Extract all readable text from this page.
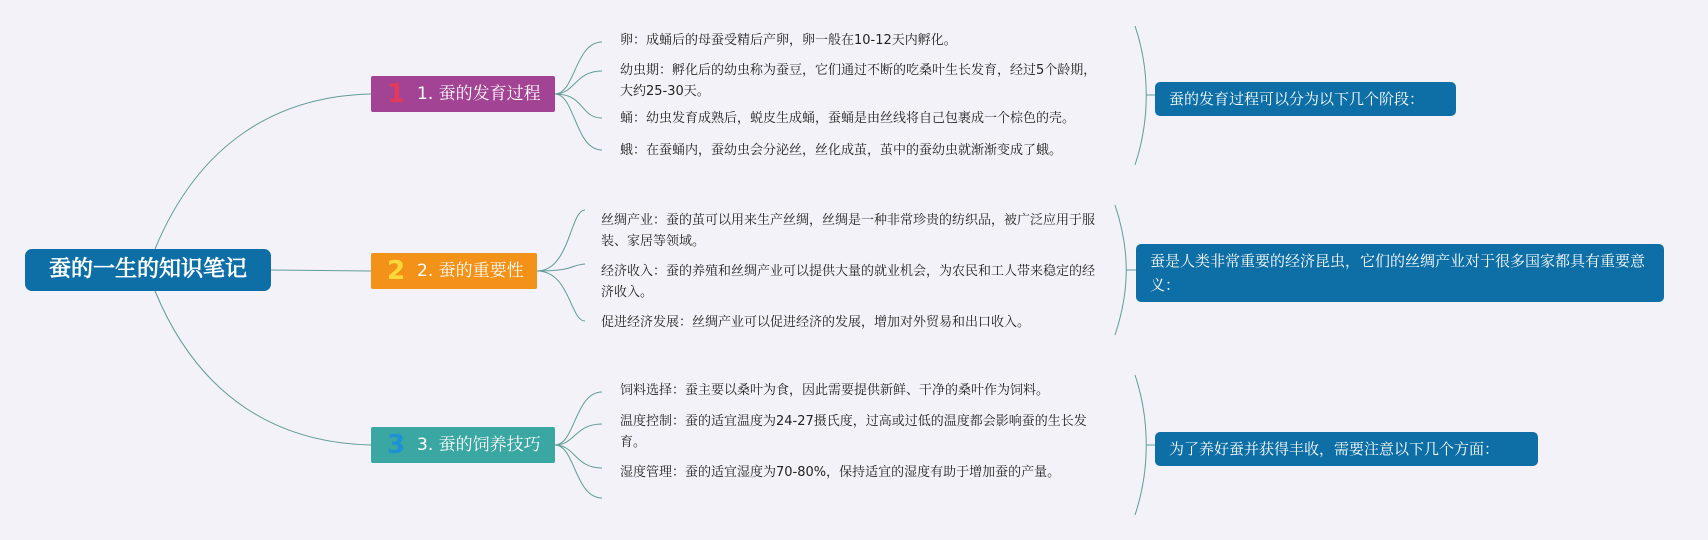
蚕的一生的知识笔记
1 1. 蚕的发育过程
卵：成蛹后的母蚕受精后产卵，卵一般在10-12天内孵化。
幼虫期：孵化后的幼虫称为蚕豆，它们通过不断的吃桑叶生长发育，经过5个龄期，大约25-30天。
蛹：幼虫发育成熟后，蜕皮生成蛹，蚕蛹是由丝线将自己包裹成一个棕色的壳。
蛾：在蚕蛹内，蚕幼虫会分泌丝，丝化成茧，茧中的蚕幼虫就渐渐变成了蛾。
蚕的发育过程可以分为以下几个阶段：
2 2. 蚕的重要性
丝绸产业：蚕的茧可以用来生产丝绸，丝绸是一种非常珍贵的纺织品，被广泛应用于服装、家居等领域。
经济收入：蚕的养殖和丝绸产业可以提供大量的就业机会，为农民和工人带来稳定的经济收入。
促进经济发展：丝绸产业可以促进经济的发展，增加对外贸易和出口收入。
蚕是人类非常重要的经济昆虫，它们的丝绸产业对于很多国家都具有重要意义：
3 3. 蚕的饲养技巧
饲料选择：蚕主要以桑叶为食，因此需要提供新鲜、干净的桑叶作为饲料。
温度控制：蚕的适宜温度为24-27摄氏度，过高或过低的温度都会影响蚕的生长发育。
湿度管理：蚕的适宜湿度为70-80%，保持适宜的湿度有助于增加蚕的产量。
为了养好蚕并获得丰收，需要注意以下几个方面：
